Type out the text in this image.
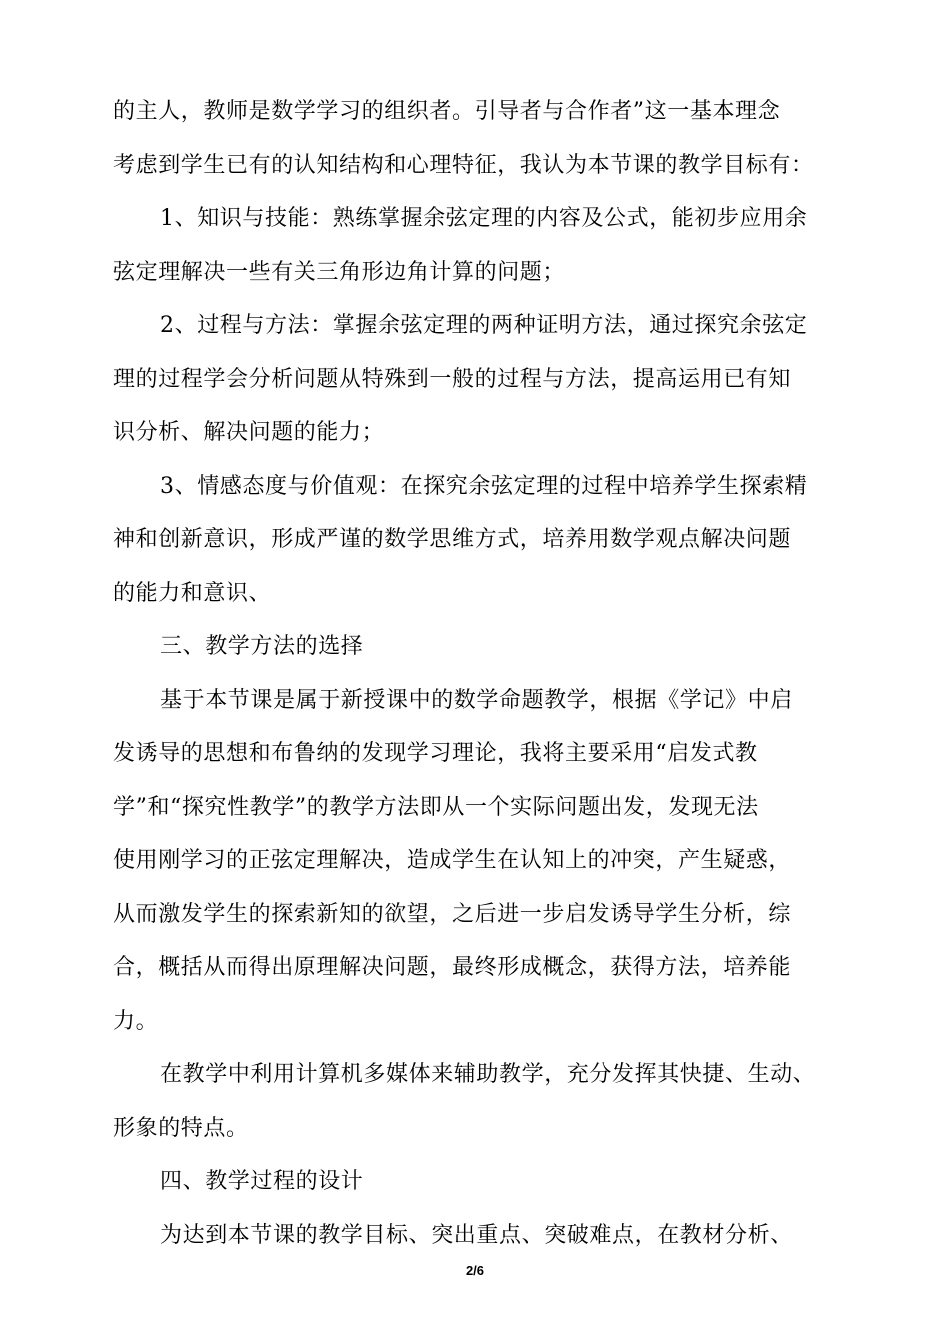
的主人，教师是数学学习的组织者。引导者与合作者”这一基本理念
考虑到学生已有的认知结构和心理特征，我认为本节课的教学目标有：
1、知识与技能：熟练掌握余弦定理的内容及公式，能初步应用余
弦定理解决一些有关三角形边角计算的问题；
2、过程与方法：掌握余弦定理的两种证明方法，通过探究余弦定
理的过程学会分析问题从特殊到一般的过程与方法，提高运用已有知
识分析、解决问题的能力；
3、情感态度与价值观：在探究余弦定理的过程中培养学生探索精
神和创新意识，形成严谨的数学思维方式，培养用数学观点解决问题
的能力和意识、
三、教学方法的选择
基于本节课是属于新授课中的数学命题教学，根据《学记》中启
发诱导的思想和布鲁纳的发现学习理论，我将主要采用“启发式教
学”和“探究性教学”的教学方法即从一个实际问题出发，发现无法
使用刚学习的正弦定理解决，造成学生在认知上的冲突，产生疑惑，
从而激发学生的探索新知的欲望，之后进一步启发诱导学生分析，综
合，概括从而得出原理解决问题，最终形成概念，获得方法，培养能
力。
在教学中利用计算机多媒体来辅助教学，充分发挥其快捷、生动、
形象的特点。
四、教学过程的设计
为达到本节课的教学目标、突出重点、突破难点，在教材分析、
2/6
